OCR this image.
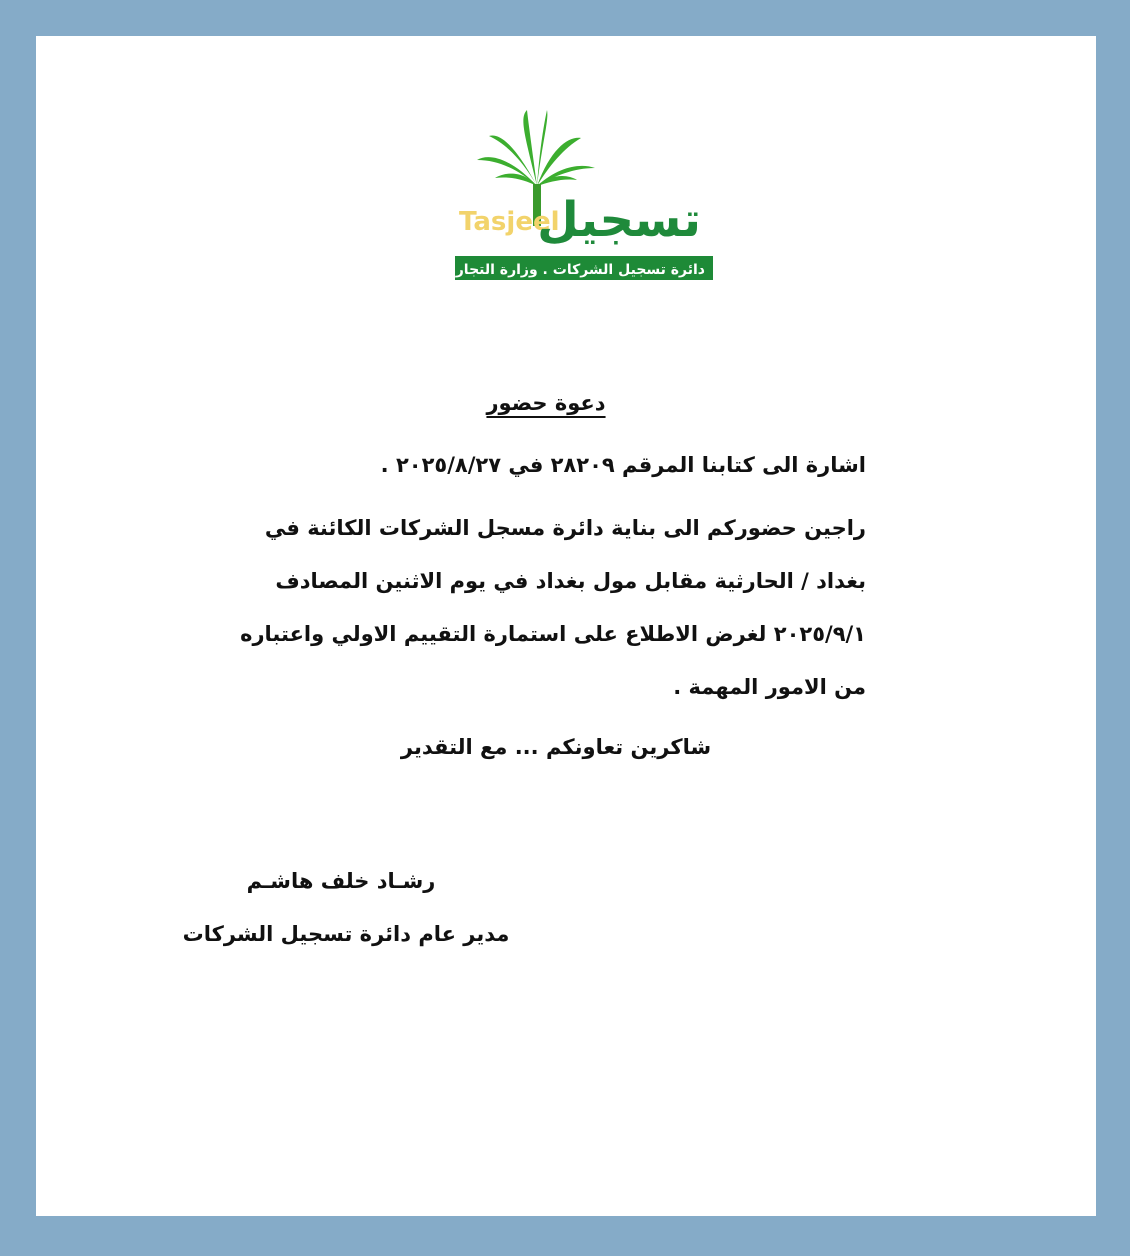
Tasjeel
تسجيل
دائرة تسجيل الشركات . وزارة التجارة
دعوة حضور
اشارة الى كتابنا المرقم ٢٨٢٠٩ في ٢٠٢٥/٨/٢٧ .
راجين حضوركم الى بناية دائرة مسجل الشركات الكائنة في
بغداد / الحارثية مقابل مول بغداد في يوم الاثنين المصادف
٢٠٢٥/٩/١ لغرض الاطلاع على استمارة التقييم الاولي واعتباره
من الامور المهمة .
شاكرين تعاونكم ... مع التقدير
رشـاد خلف هاشـم
مدير عام دائرة تسجيل الشركات
